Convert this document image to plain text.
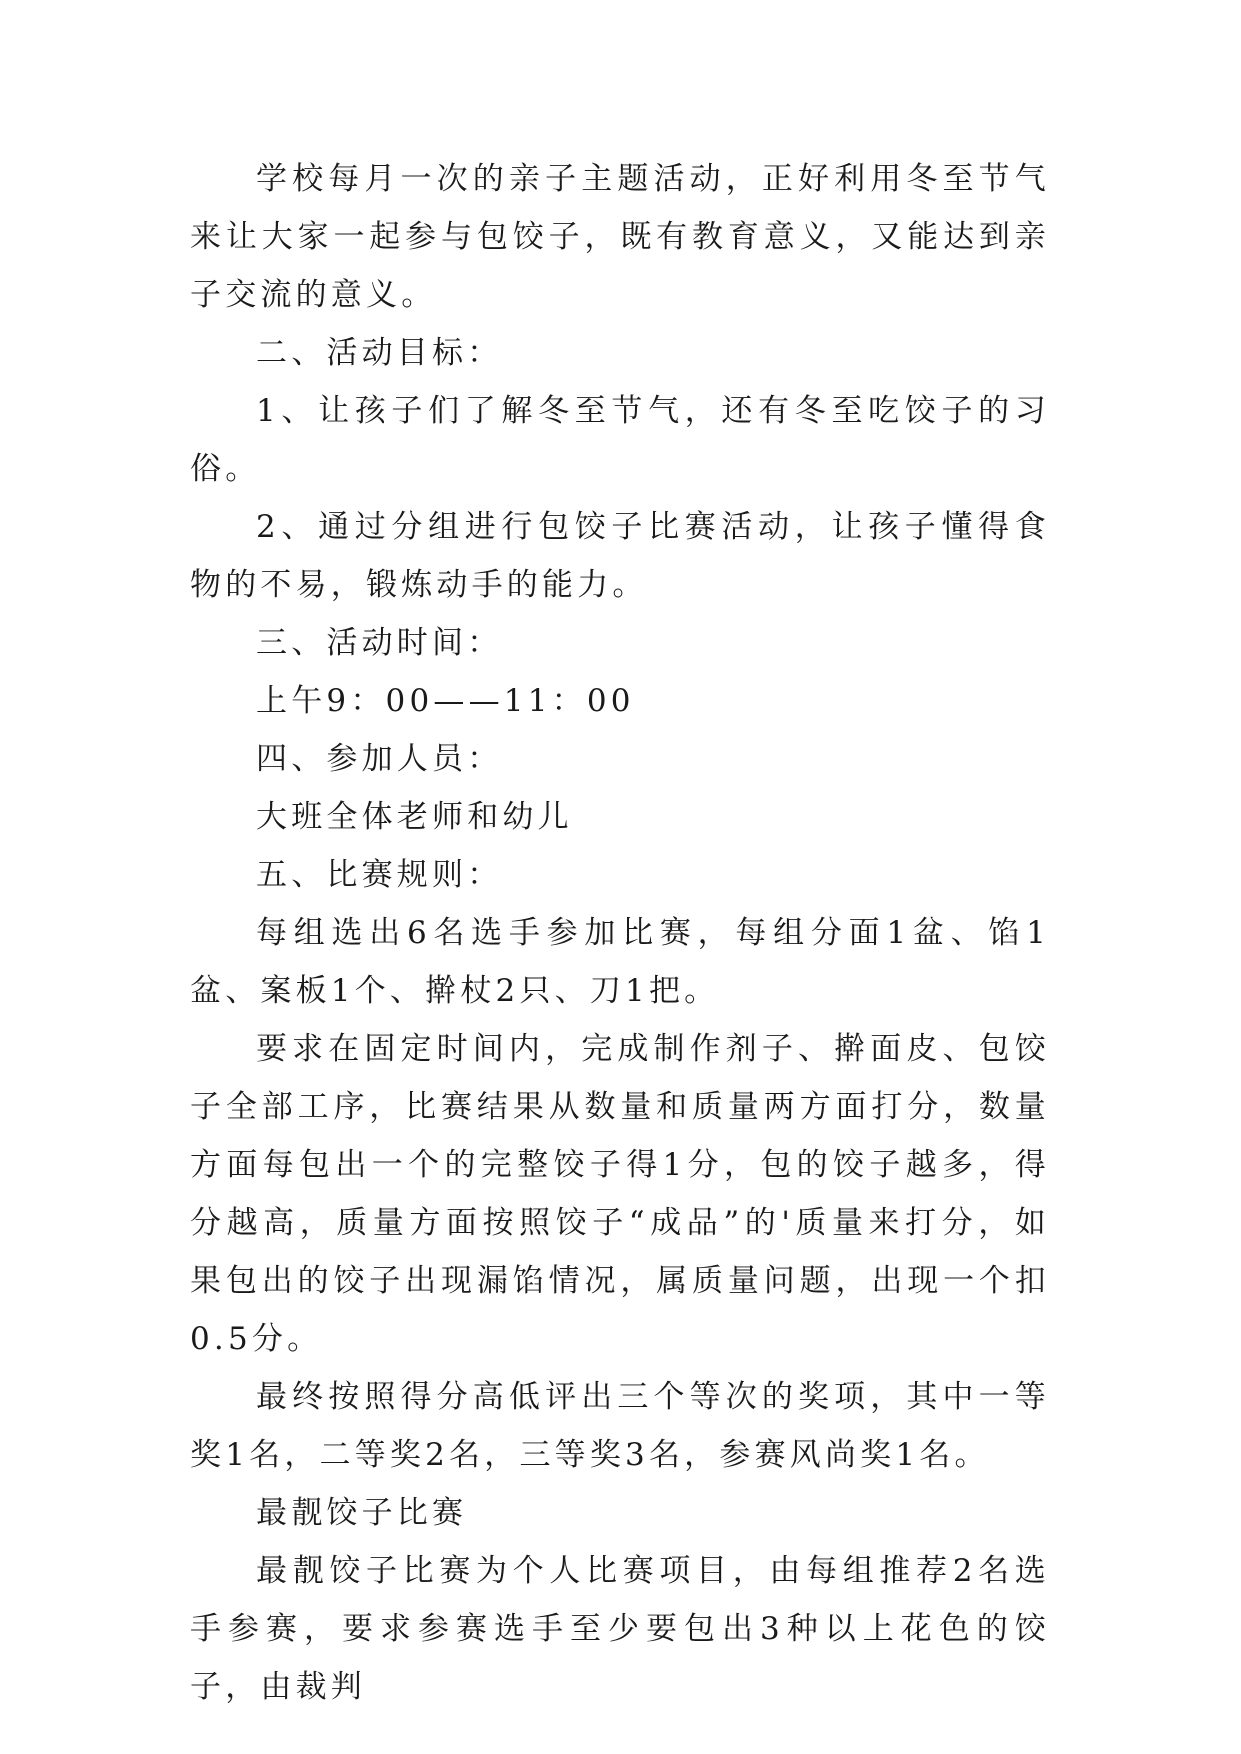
学校每月一次的亲子主题活动，正好利用冬至节气来让大家一起参与包饺子，既有教育意义，又能达到亲子交流的意义。

二、活动目标：

1、让孩子们了解冬至节气，还有冬至吃饺子的习俗。

2、通过分组进行包饺子比赛活动，让孩子懂得食物的不易，锻炼动手的能力。

三、活动时间：

上午9：00——11：00

四、参加人员：

大班全体老师和幼儿

五、比赛规则：

每组选出6名选手参加比赛，每组分面1盆、馅1盆、案板1个、擀杖2只、刀1把。

要求在固定时间内，完成制作剂子、擀面皮、包饺子全部工序，比赛结果从数量和质量两方面打分，数量方面每包出一个的完整饺子得1分，包的饺子越多，得分越高，质量方面按照饺子“成品”的'质量来打分，如果包出的饺子出现漏馅情况，属质量问题，出现一个扣0.5分。

最终按照得分高低评出三个等次的奖项，其中一等奖1名，二等奖2名，三等奖3名，参赛风尚奖1名。

最靓饺子比赛

最靓饺子比赛为个人比赛项目，由每组推荐2名选手参赛，要求参赛选手至少要包出3种以上花色的饺子，由裁判
